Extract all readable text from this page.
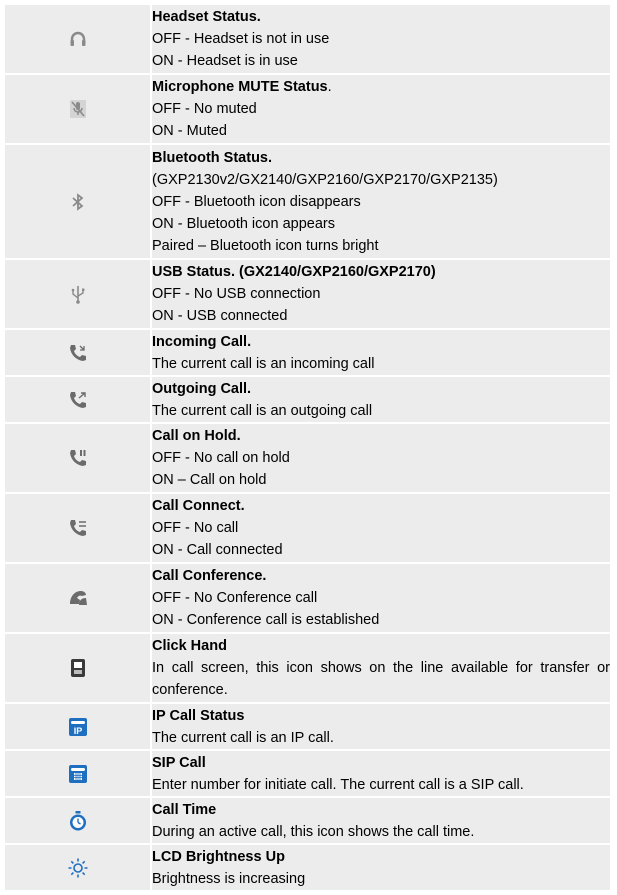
Headset Status.
OFF - Headset is not in use
ON - Headset is in use

Microphone MUTE Status.
OFF - No muted
ON - Muted

Bluetooth Status.
(GXP2130v2/GX2140/GXP2160/GXP2170/GXP2135)
OFF - Bluetooth icon disappears
ON - Bluetooth icon appears
Paired – Bluetooth icon turns bright

USB Status. (GX2140/GXP2160/GXP2170)
OFF - No USB connection
ON - USB connected

Incoming Call.
The current call is an incoming call

Outgoing Call.
The current call is an outgoing call

Call on Hold.
OFF - No call on hold
ON – Call on hold

Call Connect.
OFF - No call
ON - Call connected

Call Conference.
OFF - No Conference call
ON - Conference call is established

Click Hand
In call screen, this icon shows on the line available for transfer or conference.

IP	IP Call Status
The current call is an IP call.

SIP Call
Enter number for initiate call. The current call is a SIP call.

Call Time
During an active call, this icon shows the call time.

LCD Brightness Up
Brightness is increasing
